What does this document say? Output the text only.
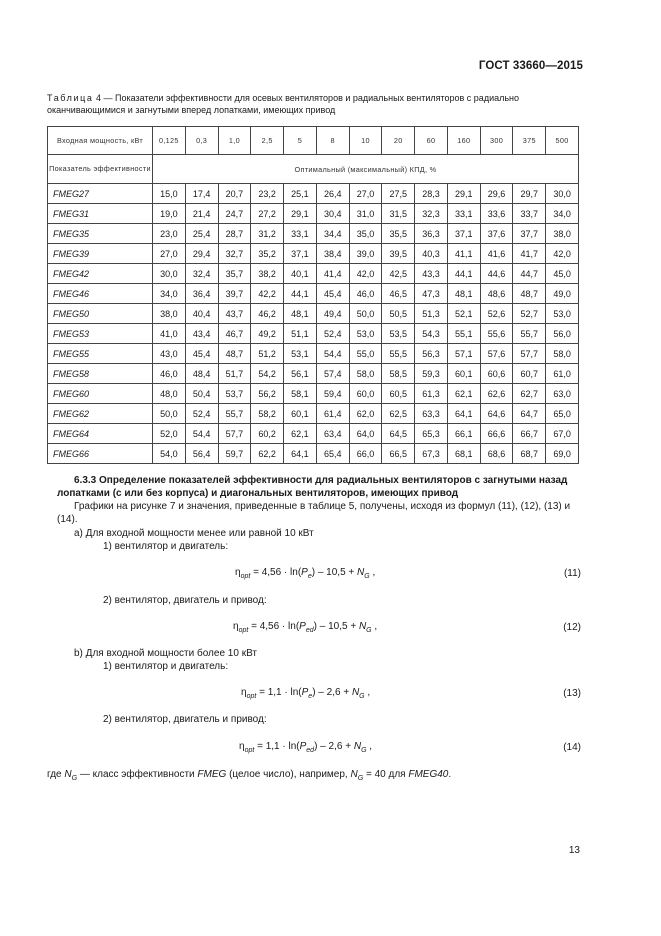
ГОСТ 33660—2015
Таблица 4 — Показатели эффективности для осевых вентиляторов и радиальных вентиляторов с радиально оканчивающимися и загнутыми вперед лопатками, имеющих привод
Входная мощность, кВт	0,125	0,3	1,0	2,5	5	8	10	20	60	160	300	375	500
Показатель эффективности	Оптимальный (максимальный) КПД, %												
FMEG27	15,0	17,4	20,7	23,2	25,1	26,4	27,0	27,5	28,3	29,1	29,6	29,7	30,0
FMEG31	19,0	21,4	24,7	27,2	29,1	30,4	31,0	31,5	32,3	33,1	33,6	33,7	34,0
FMEG35	23,0	25,4	28,7	31,2	33,1	34,4	35,0	35,5	36,3	37,1	37,6	37,7	38,0
FMEG39	27,0	29,4	32,7	35,2	37,1	38,4	39,0	39,5	40,3	41,1	41,6	41,7	42,0
FMEG42	30,0	32,4	35,7	38,2	40,1	41,4	42,0	42,5	43,3	44,1	44,6	44,7	45,0
FMEG46	34,0	36,4	39,7	42,2	44,1	45,4	46,0	46,5	47,3	48,1	48,6	48,7	49,0
FMEG50	38,0	40,4	43,7	46,2	48,1	49,4	50,0	50,5	51,3	52,1	52,6	52,7	53,0
FMEG53	41,0	43,4	46,7	49,2	51,1	52,4	53,0	53,5	54,3	55,1	55,6	55,7	56,0
FMEG55	43,0	45,4	48,7	51,2	53,1	54,4	55,0	55,5	56,3	57,1	57,6	57,7	58,0
FMEG58	46,0	48,4	51,7	54,2	56,1	57,4	58,0	58,5	59,3	60,1	60,6	60,7	61,0
FMEG60	48,0	50,4	53,7	56,2	58,1	59,4	60,0	60,5	61,3	62,1	62,6	62,7	63,0
FMEG62	50,0	52,4	55,7	58,2	60,1	61,4	62,0	62,5	63,3	64,1	64,6	64,7	65,0
FMEG64	52,0	54,4	57,7	60,2	62,1	63,4	64,0	64,5	65,3	66,1	66,6	66,7	67,0
FMEG66	54,0	56,4	59,7	62,2	64,1	65,4	66,0	66,5	67,3	68,1	68,6	68,7	69,0
6.3.3 Определение показателей эффективности для радиальных вентиляторов с загнутыми назад лопатками (с или без корпуса) и диагональных вентиляторов, имеющих привод
Графики на рисунке 7 и значения, приведенные в таблице 5, получены, исходя из формул (11), (12), (13) и (14).
a) Для входной мощности менее или равной 10 кВт
1) вентилятор и двигатель:
$\eta_{opt} = 4,56 \cdot \ln(P_e) - 10,5 + N_G$ ,	(11)
2) вентилятор, двигатель и привод:
$\eta_{opt} = 4,56 \cdot \ln(P_{ed}) - 10,5 + N_G$ ,	(12)
b) Для входной мощности более 10 кВт
1) вентилятор и двигатель:
$\eta_{opt} = 1,1 \cdot \ln(P_e) - 2,6 + N_G$ ,	(13)
2) вентилятор, двигатель и привод:
$\eta_{opt} = 1,1 \cdot \ln(P_{ed}) - 2,6 + N_G$ ,	(14)
где $N_G$ — класс эффективности FMEG (целое число), например, $N_G = 40$ для FMEG40.
13
